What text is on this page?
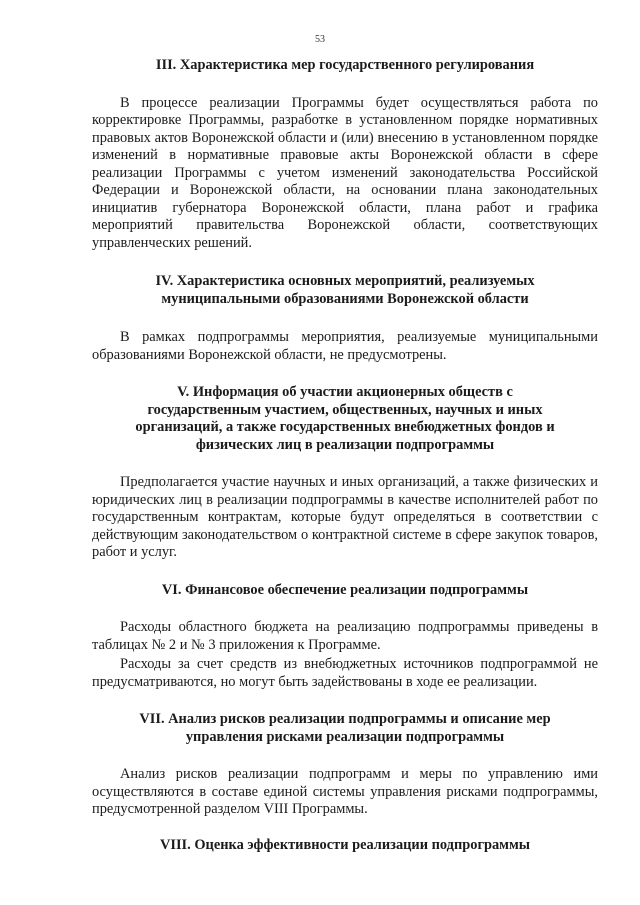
53
III. Характеристика мер государственного регулирования

В процессе реализации Программы будет осуществляться работа по корректировке Программы, разработке в установленном порядке нормативных правовых актов Воронежской области и (или) внесению в установленном порядке изменений в нормативные правовые акты Воронежской области в сфере реализации Программы с учетом изменений законодательства Российской Федерации и Воронежской области, на основании плана законодательных инициатив губернатора Воронежской области, плана работ и графика мероприятий правительства Воронежской области, соответствующих управленческих решений.

IV. Характеристика основных мероприятий, реализуемых муниципальными образованиями Воронежской области

В рамках подпрограммы мероприятия, реализуемые муниципальными образованиями Воронежской области, не предусмотрены.

V. Информация об участии акционерных обществ с государственным участием, общественных, научных и иных организаций, а также государственных внебюджетных фондов и физических лиц в реализации подпрограммы

Предполагается участие научных и иных организаций, а также физических и юридических лиц в реализации подпрограммы в качестве исполнителей работ по государственным контрактам, которые будут определяться в соответствии с действующим законодательством о контрактной системе в сфере закупок товаров, работ и услуг.

VI. Финансовое обеспечение реализации подпрограммы

Расходы областного бюджета на реализацию подпрограммы приведены в таблицах № 2 и № 3 приложения к Программе.

Расходы за счет средств из внебюджетных источников подпрограммой не предусматриваются, но могут быть задействованы в ходе ее реализации.

VII. Анализ рисков реализации подпрограммы и описание мер управления рисками реализации подпрограммы

Анализ рисков реализации подпрограмм и меры по управлению ими осуществляются в составе единой системы управления рисками подпрограммы, предусмотренной разделом VIII Программы.

VIII. Оценка эффективности реализации подпрограммы
